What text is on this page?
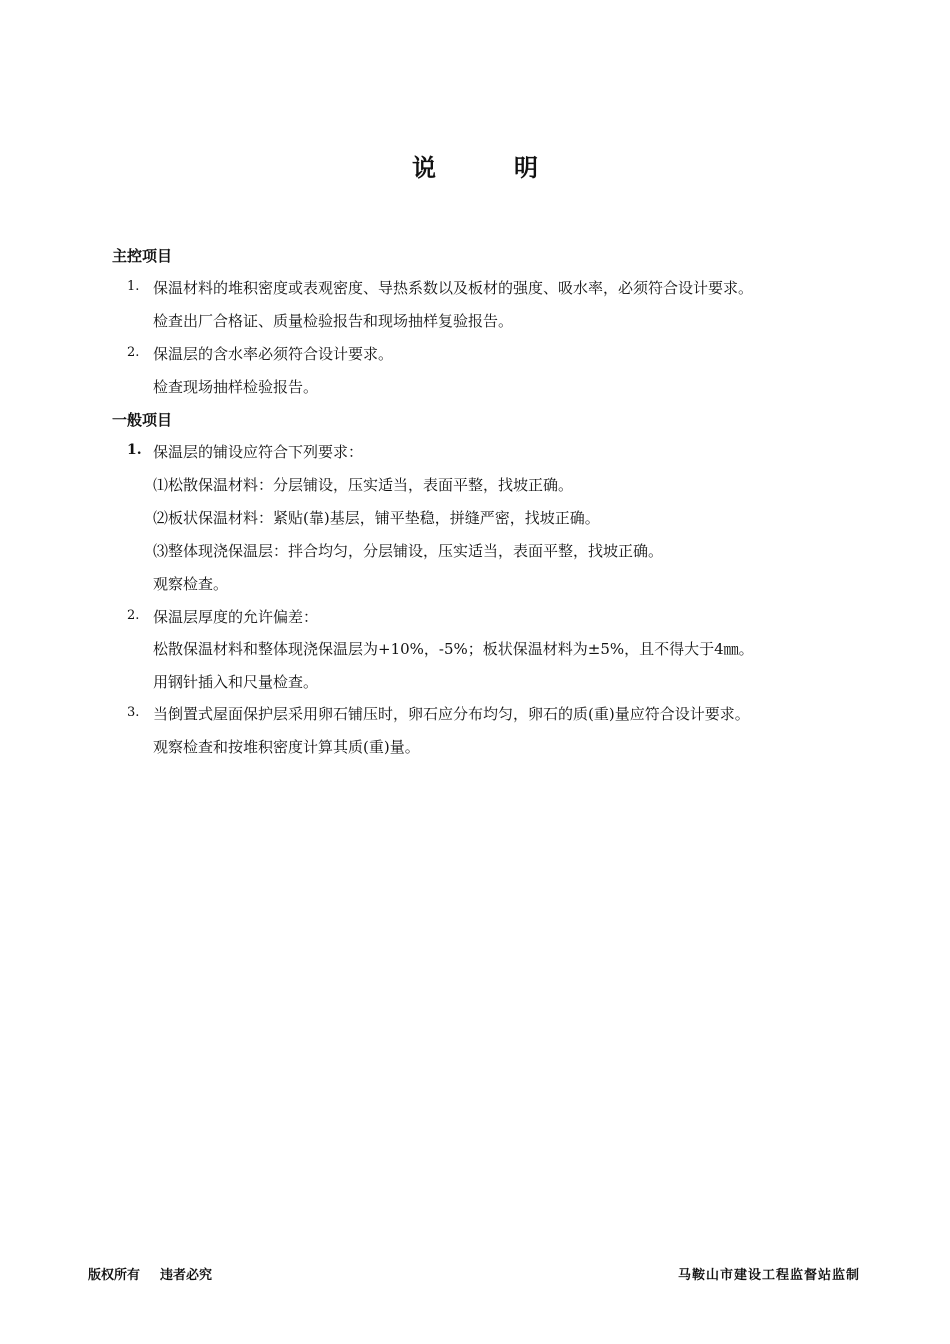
说	明
主控项目
1. 保温材料的堆积密度或表观密度、导热系数以及板材的强度、吸水率，必须符合设计要求。
检查出厂合格证、质量检验报告和现场抽样复验报告。
2. 保温层的含水率必须符合设计要求。
检查现场抽样检验报告。
一般项目
1. 保温层的铺设应符合下列要求：
⑴松散保温材料：分层铺设，压实适当，表面平整，找坡正确。
⑵板状保温材料：紧贴(靠)基层，铺平垫稳，拼缝严密，找坡正确。
⑶整体现浇保温层：拌合均匀，分层铺设，压实适当，表面平整，找坡正确。
观察检查。
2. 保温层厚度的允许偏差：
松散保温材料和整体现浇保温层为+10%，-5%；板状保温材料为±5%，且不得大于4㎜。
用钢针插入和尺量检查。
3. 当倒置式屋面保护层采用卵石铺压时，卵石应分布均匀，卵石的质(重)量应符合设计要求。
观察检查和按堆积密度计算其质(重)量。
版权所有 违者必究	马鞍山市建设工程监督站监制
